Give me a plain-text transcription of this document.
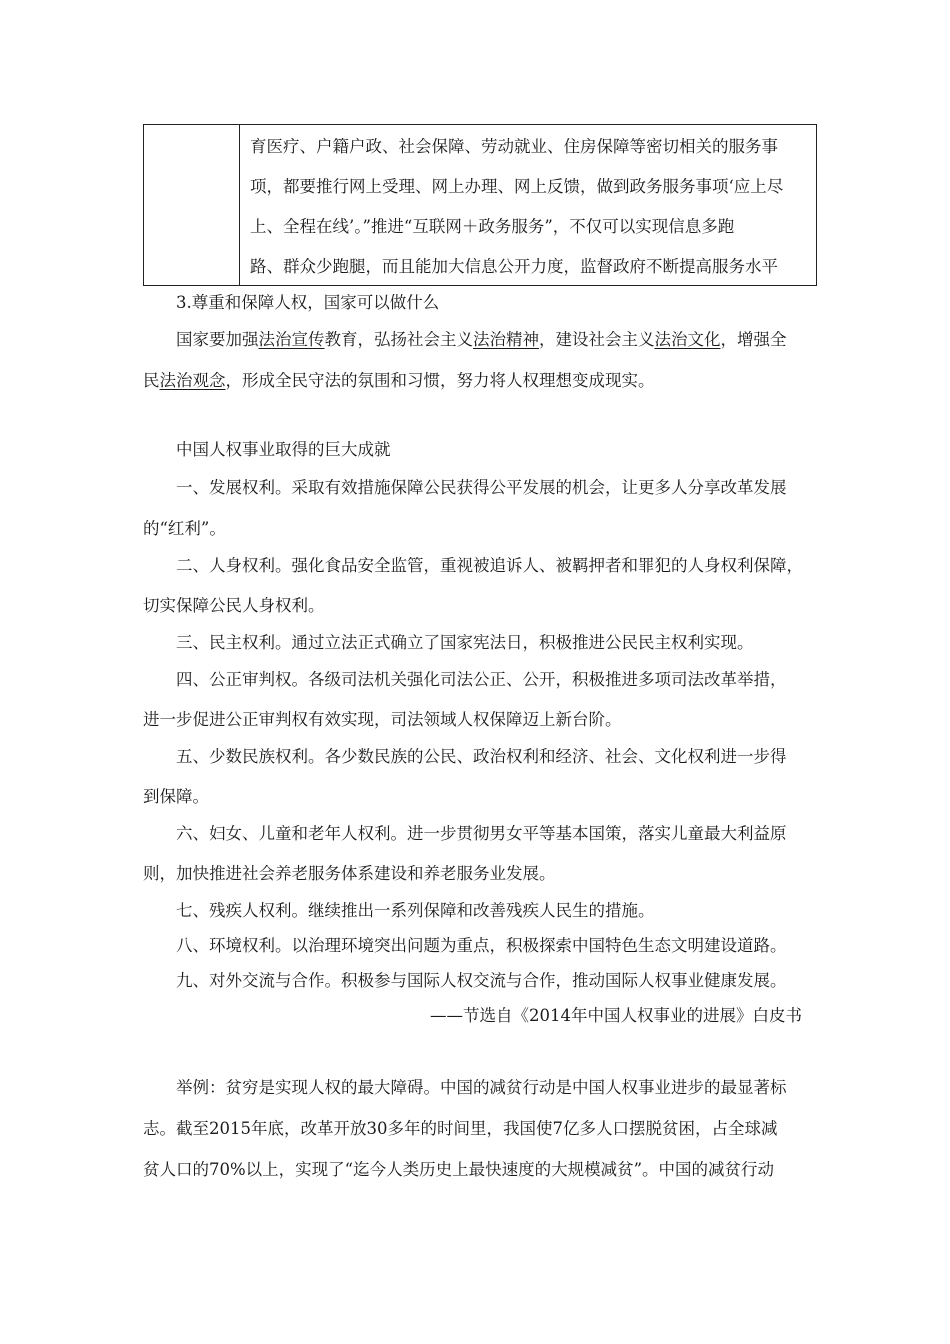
育医疗、户籍户政、社会保障、劳动就业、住房保障等密切相关的服务事
项，都要推行网上受理、网上办理、网上反馈，做到政务服务事项‘应上尽
上、全程在线’。”推进“互联网＋政务服务”，不仅可以实现信息多跑
路、群众少跑腿，而且能加大信息公开力度，监督政府不断提高服务水平
3.尊重和保障人权，国家可以做什么
国家要加强法治宣传教育，弘扬社会主义法治精神，建设社会主义法治文化，增强全
民法治观念，形成全民守法的氛围和习惯，努力将人权理想变成现实。
中国人权事业取得的巨大成就
一、发展权利。采取有效措施保障公民获得公平发展的机会，让更多人分享改革发展
的“红利”。
二、人身权利。强化食品安全监管，重视被追诉人、被羁押者和罪犯的人身权利保障，
切实保障公民人身权利。
三、民主权利。通过立法正式确立了国家宪法日，积极推进公民民主权利实现。
四、公正审判权。各级司法机关强化司法公正、公开，积极推进多项司法改革举措，
进一步促进公正审判权有效实现，司法领域人权保障迈上新台阶。
五、少数民族权利。各少数民族的公民、政治权利和经济、社会、文化权利进一步得
到保障。
六、妇女、儿童和老年人权利。进一步贯彻男女平等基本国策，落实儿童最大利益原
则，加快推进社会养老服务体系建设和养老服务业发展。
七、残疾人权利。继续推出一系列保障和改善残疾人民生的措施。
八、环境权利。以治理环境突出问题为重点，积极探索中国特色生态文明建设道路。
九、对外交流与合作。积极参与国际人权交流与合作，推动国际人权事业健康发展。
——节选自《2014年中国人权事业的进展》白皮书
举例：贫穷是实现人权的最大障碍。中国的减贫行动是中国人权事业进步的最显著标
志。截至2015年底，改革开放30多年的时间里，我国使7亿多人口摆脱贫困，占全球减
贫人口的70%以上，实现了“迄今人类历史上最快速度的大规模减贫”。中国的减贫行动
